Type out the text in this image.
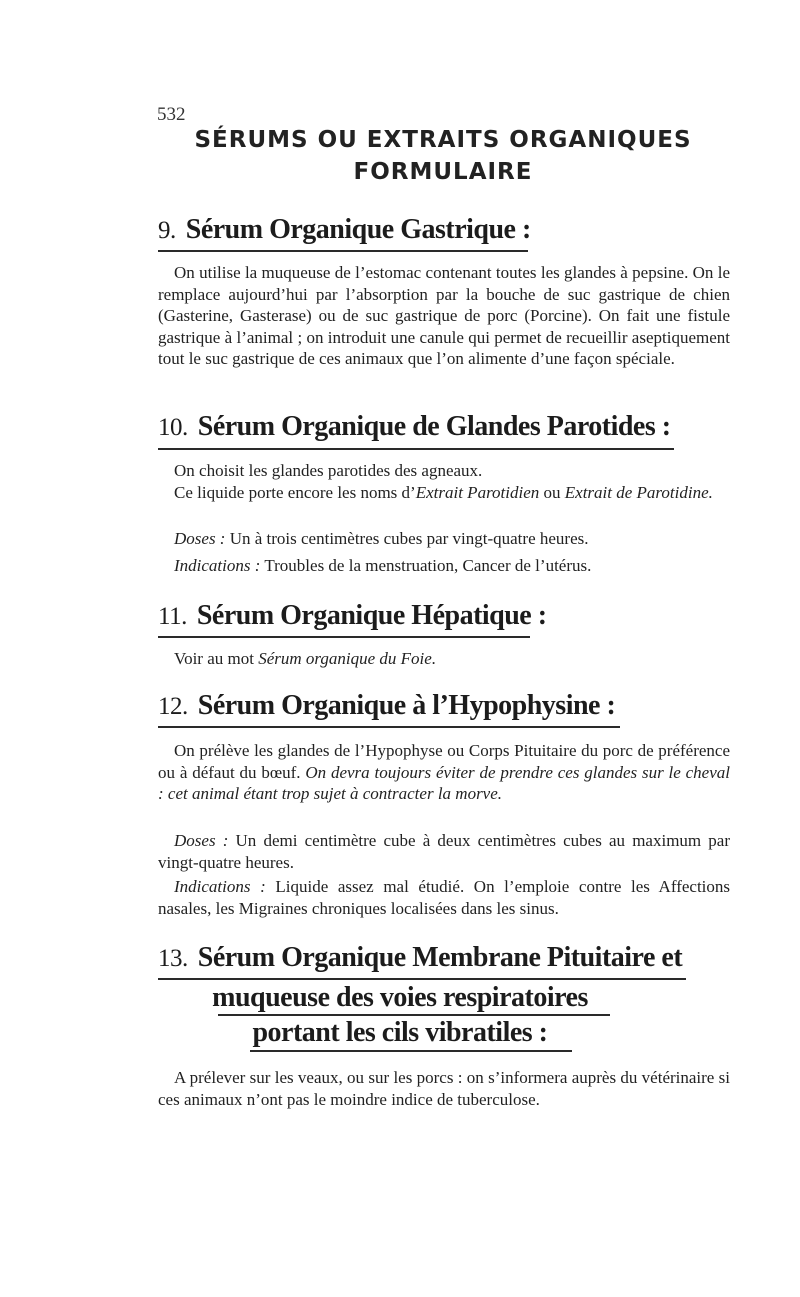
532
SÉRUMS OU EXTRAITS ORGANIQUES
FORMULAIRE
9. Sérum Organique Gastrique :
On utilise la muqueuse de l’estomac contenant toutes les glandes à pepsine. On le remplace aujourd’hui par l’absorption par la bouche de suc gastrique de chien (Gasterine, Gasterase) ou de suc gastrique de porc (Porcine). On fait une fistule gastrique à l’animal ; on introduit une canule qui permet de recueillir aseptiquement tout le suc gastrique de ces animaux que l’on alimente d’une façon spéciale.
10. Sérum Organique de Glandes Parotides :
On choisit les glandes parotides des agneaux.
Ce liquide porte encore les noms d’Extrait Parotidien ou Extrait de Parotidine.
Doses : Un à trois centimètres cubes par vingt-quatre heures.
Indications : Troubles de la menstruation, Cancer de l’utérus.
11. Sérum Organique Hépatique :
Voir au mot Sérum organique du Foie.
12. Sérum Organique à l’Hypophysine :
On prélève les glandes de l’Hypophyse ou Corps Pituitaire du porc de préférence ou à défaut du bœuf. On devra toujours éviter de prendre ces glandes sur le cheval : cet animal étant trop sujet à contracter la morve.
Doses : Un demi centimètre cube à deux centimètres cubes au maximum par vingt-quatre heures.
Indications : Liquide assez mal étudié. On l’emploie contre les Affections nasales, les Migraines chroniques localisées dans les sinus.
13. Sérum Organique Membrane Pituitaire et
muqueuse des voies respiratoires
portant les cils vibratiles :
A prélever sur les veaux, ou sur les porcs : on s’informera auprès du vétérinaire si ces animaux n’ont pas le moindre indice de tuberculose.
